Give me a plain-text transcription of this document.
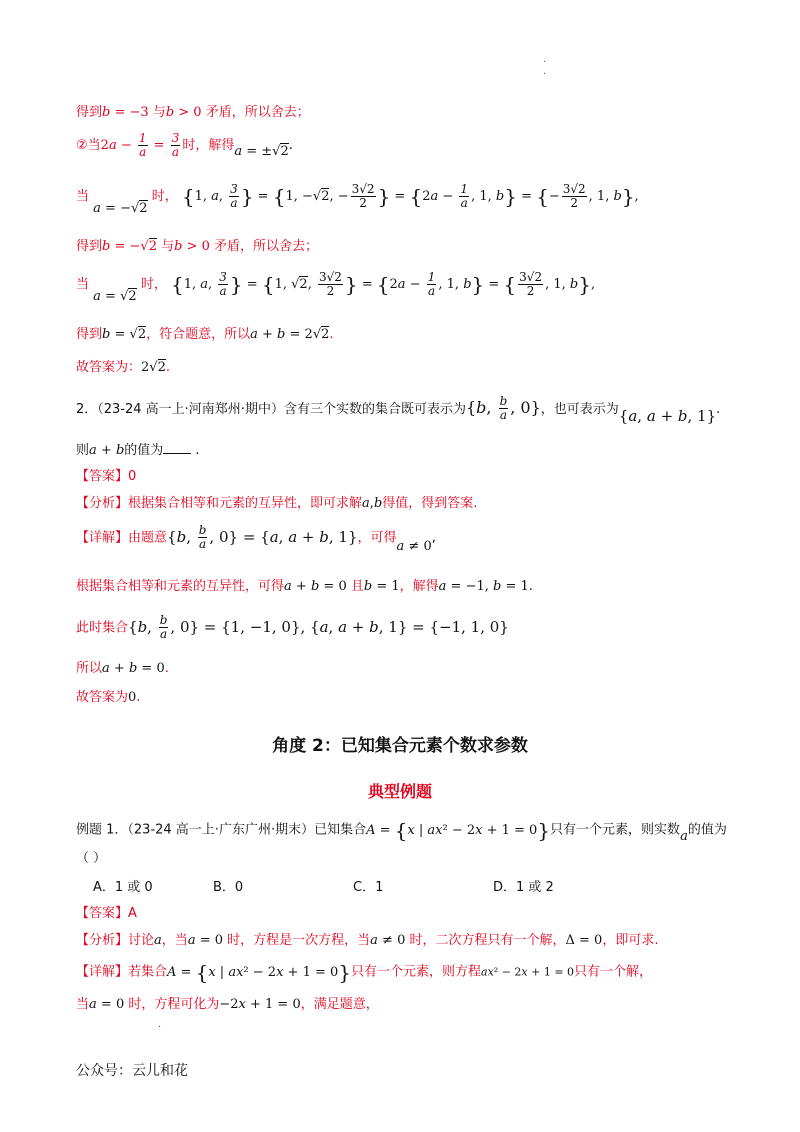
.
.
得到b = −3 与b > 0 矛盾，所以舍去；
②当$2a - \frac{1}{a} = \frac{3}{a}$ 时，解得a = ± √ 2.
当 a = − √ 2 时， {1, a, $\frac{3}{a}$ } = {1, − √ 2, − $\frac{3√2}{2}$ } = {$2a - \frac{1}{a}$ , 1, b} = {− $\frac{3√2}{2}$ , 1, b},
得到b = − √ 2 与b > 0 矛盾，所以舍去；
当 a = √ 2 时， {1, a, $\frac{3}{a}$ } = {1, √ 2, $\frac{3√2}{2}$ } = {$2a - \frac{1}{a}$ , 1, b} = { $\frac{3√2}{2}$ , 1, b},
得到b = √ 2，符合题意，所以a + b = 2 √ 2.
故答案为：2 √ 2.
2．（23-24 高一上·河南郑州·期中）含有三个实数的集合既可表示为{b, $\frac{b}{a}$ , 0}，也可表示为{a, a + b, 1}.
则a + b的值为 .
【答案】0
【分析】根据集合相等和元素的互异性，即可求解a,b得值，得到答案.
【详解】由题意{b, $\frac{b}{a}$ , 0} = {a, a + b, 1}，可得a ≠ 0,
根据集合相等和元素的互异性，可得a + b = 0 且b = 1，解得a = −1, b = 1.
此时集合{b, $\frac{b}{a}$ , 0} = {1, −1, 0}, {a, a + b, 1} = {−1, 1, 0}
所以a + b = 0.
故答案为0.
角度 2：已知集合元素个数求参数
典型例题
例题 1．（23-24 高一上·广东广州·期末）已知集合A = {x | ax² − 2x + 1 = 0}只有一个元素，则实数a的值为
（ ）
A．1 或 0	B．0	C．1	D．1 或 2
【答案】A
【分析】讨论a，当a = 0 时，方程是一次方程，当a ≠ 0 时，二次方程只有一个解，Δ = 0，即可求.
【详解】若集合A = {x | ax² − 2x + 1 = 0}只有一个元素，则方程ax² − 2x + 1 = 0只有一个解，
当a = 0 时，方程可化为−2x + 1 = 0，满足题意，
.
公众号：云儿和花
